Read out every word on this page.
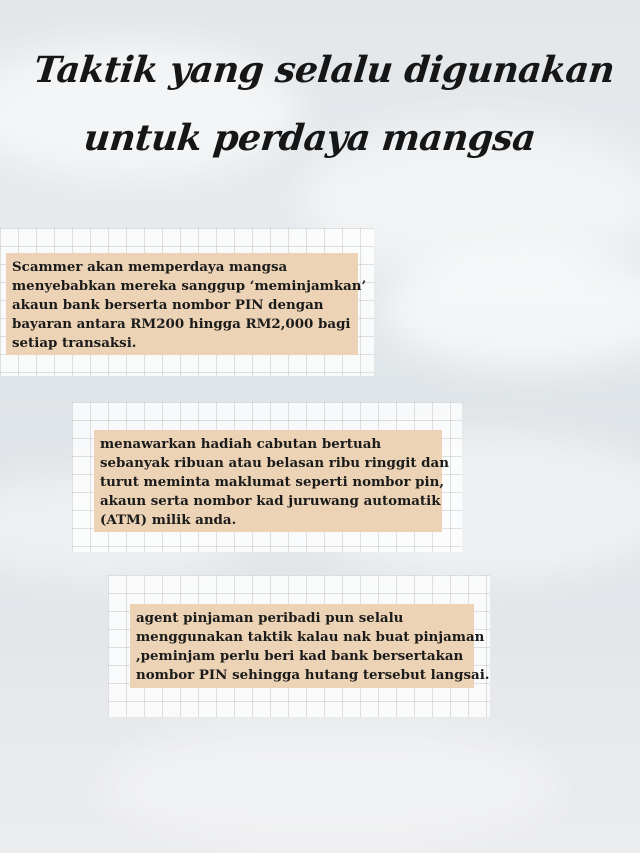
Taktik yang selalu digunakan
untuk perdaya mangsa
Scammer akan memperdaya mangsa
menyebabkan mereka sanggup ‘meminjamkan’
akaun bank berserta nombor PIN dengan
bayaran antara RM200 hingga RM2,000 bagi
setiap transaksi.
menawarkan hadiah cabutan bertuah
sebanyak ribuan atau belasan ribu ringgit dan
turut meminta maklumat seperti nombor pin,
akaun serta nombor kad juruwang automatik
(ATM) milik anda.
agent pinjaman peribadi pun selalu
menggunakan taktik kalau nak buat pinjaman
,peminjam perlu beri kad bank bersertakan
nombor PIN sehingga hutang tersebut langsai.
